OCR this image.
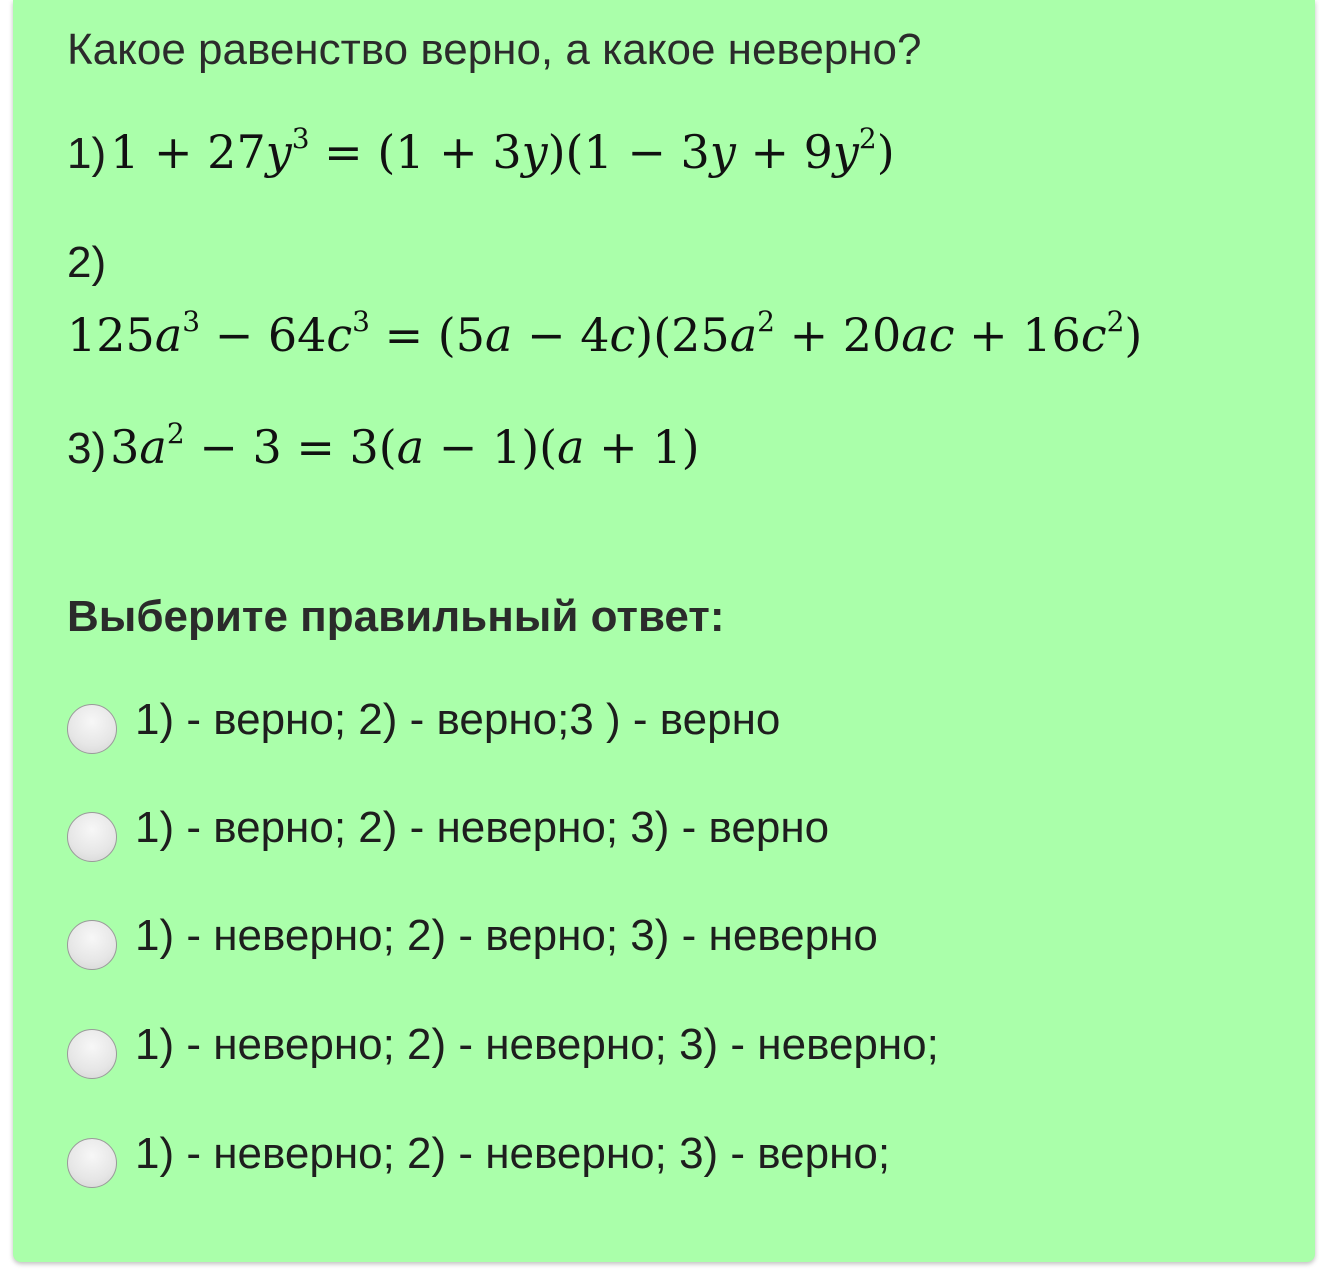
Какое равенство верно, а какое неверно?
1) $1 + 27y^3 = (1 + 3y)(1 - 3y + 9y^2)$
2)
$125a^3 - 64c^3 = (5a - 4c)(25a^2 + 20ac + 16c^2)$
3) $3a^2 - 3 = 3(a - 1)(a + 1)$
Выберите правильный ответ:
1) - верно; 2) - верно;3 ) - верно
1) - верно; 2) - неверно; 3) - верно
1) - неверно; 2) - верно; 3) - неверно
1) - неверно; 2) - неверно; 3) - неверно;
1) - неверно; 2) - неверно; 3) - верно;
